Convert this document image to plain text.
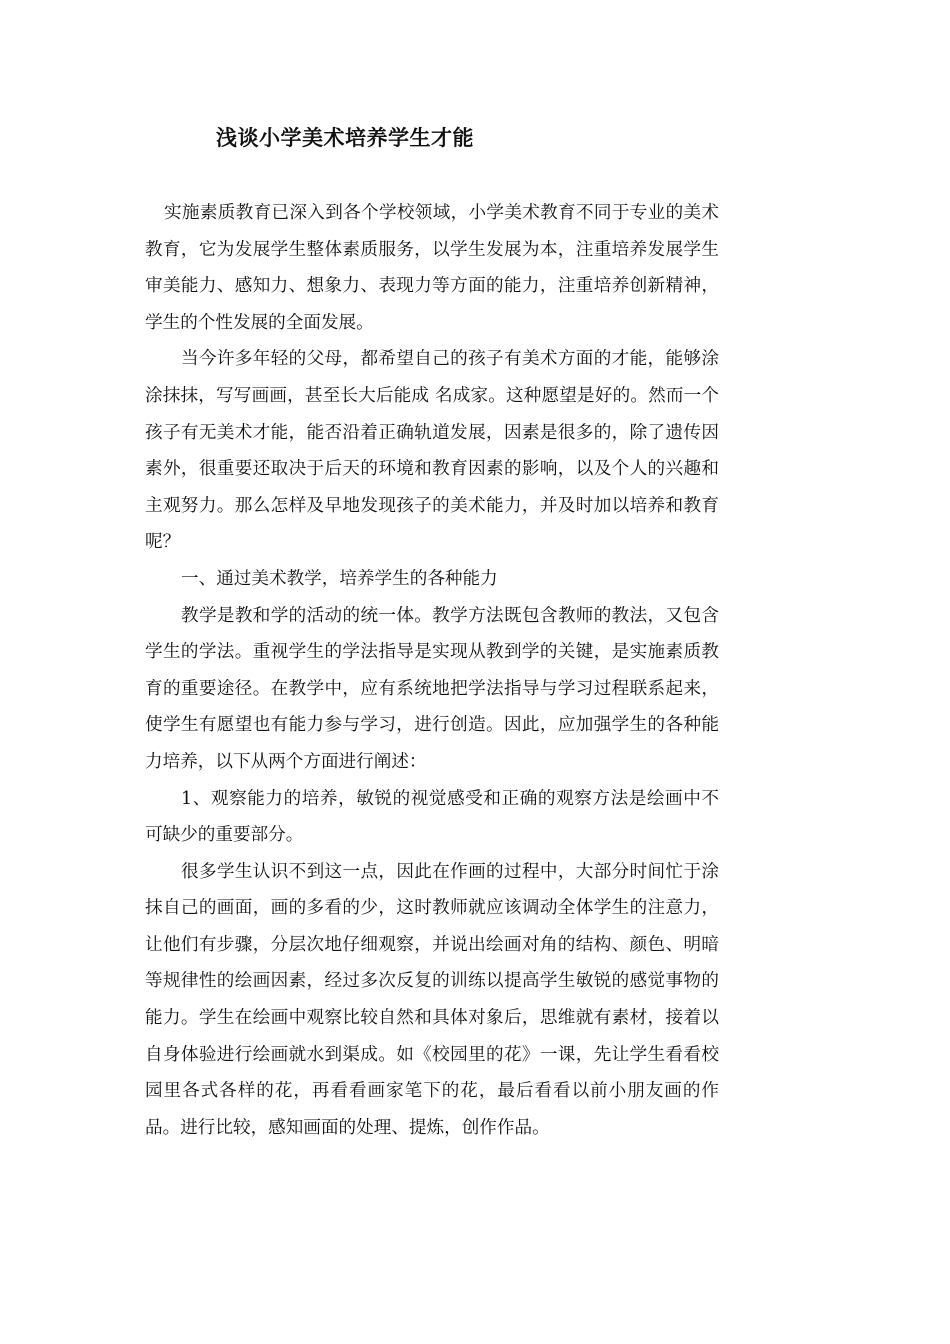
浅谈小学美术培养学生才能

实施素质教育已深入到各个学校领域，小学美术教育不同于专业的美术教育，它为发展学生整体素质服务，以学生发展为本，注重培养发展学生审美能力、感知力、想象力、表现力等方面的能力，注重培养创新精神，学生的个性发展的全面发展。

当今许多年轻的父母，都希望自己的孩子有美术方面的才能，能够涂涂抹抹，写写画画，甚至长大后能成 名成家。这种愿望是好的。然而一个孩子有无美术才能，能否沿着正确轨道发展，因素是很多的，除了遗传因 素外，很重要还取决于后天的环境和教育因素的影响，以及个人的兴趣和主观努力。那么怎样及早地发现孩子的美术能力，并及时加以培养和教育呢？

一、通过美术教学，培养学生的各种能力

教学是教和学的活动的统一体。教学方法既包含教师的教法，又包含学生的学法。重视学生的学法指导是实现从教到学的关键，是实施素质教育的重要途径。在教学中，应有系统地把学法指导与学习过程联系起来，使学生有愿望也有能力参与学习，进行创造。因此，应加强学生的各种能力培养，以下从两个方面进行阐述：

1、观察能力的培养，敏锐的视觉感受和正确的观察方法是绘画中不可缺少的重要部分。

很多学生认识不到这一点，因此在作画的过程中，大部分时间忙于涂抹自己的画面，画的多看的少，这时教师就应该调动全体学生的注意力，让他们有步骤，分层次地仔细观察，并说出绘画对角的结构、颜色、明暗等规律性的绘画因素，经过多次反复的训练以提高学生敏锐的感觉事物的能力。学生在绘画中观察比较自然和具体对象后，思维就有素材，接着以自身体验进行绘画就水到渠成。如《校园里的花》一课，先让学生看看校园里各式各样的花，再看看画家笔下的花，最后看看以前小朋友画的作品。进行比较，感知画面的处理、提炼，创作作品。
